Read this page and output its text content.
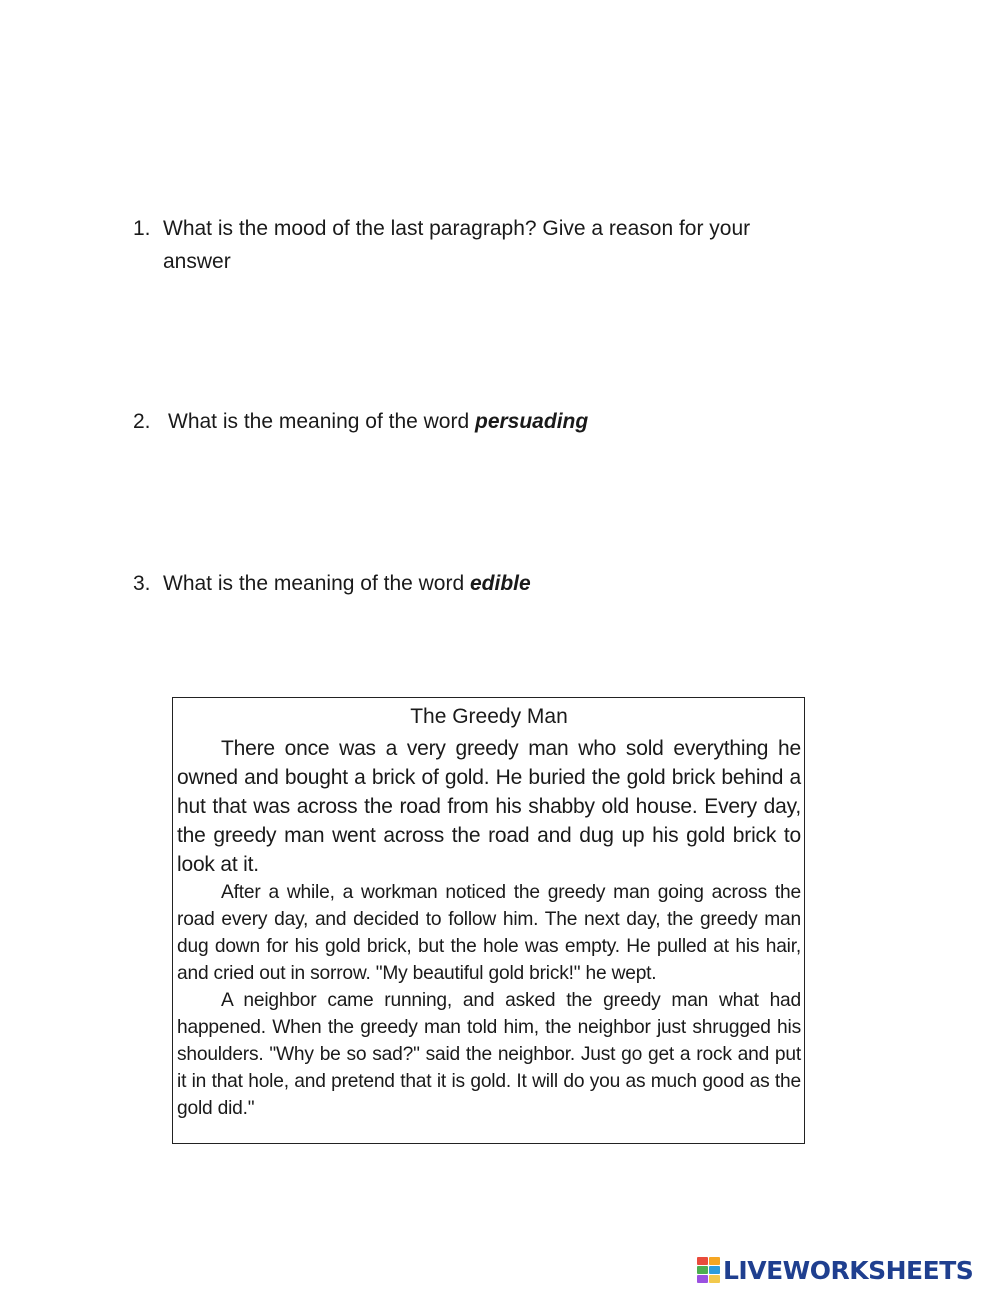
1. What is the mood of the last paragraph? Give a reason for your answer
2. What is the meaning of the word persuading
3. What is the meaning of the word edible
The Greedy Man

There once was a very greedy man who sold everything he owned and bought a brick of gold. He buried the gold brick behind a hut that was across the road from his shabby old house. Every day, the greedy man went across the road and dug up his gold brick to look at it.

After a while, a workman noticed the greedy man going across the road every day, and decided to follow him. The next day, the greedy man dug down for his gold brick, but the hole was empty. He pulled at his hair, and cried out in sorrow. "My beautiful gold brick!" he wept.

A neighbor came running, and asked the greedy man what had happened. When the greedy man told him, the neighbor just shrugged his shoulders. "Why be so sad?" said the neighbor. Just go get a rock and put it in that hole, and pretend that it is gold. It will do you as much good as the gold did."

LIVEWORKSHEETS
